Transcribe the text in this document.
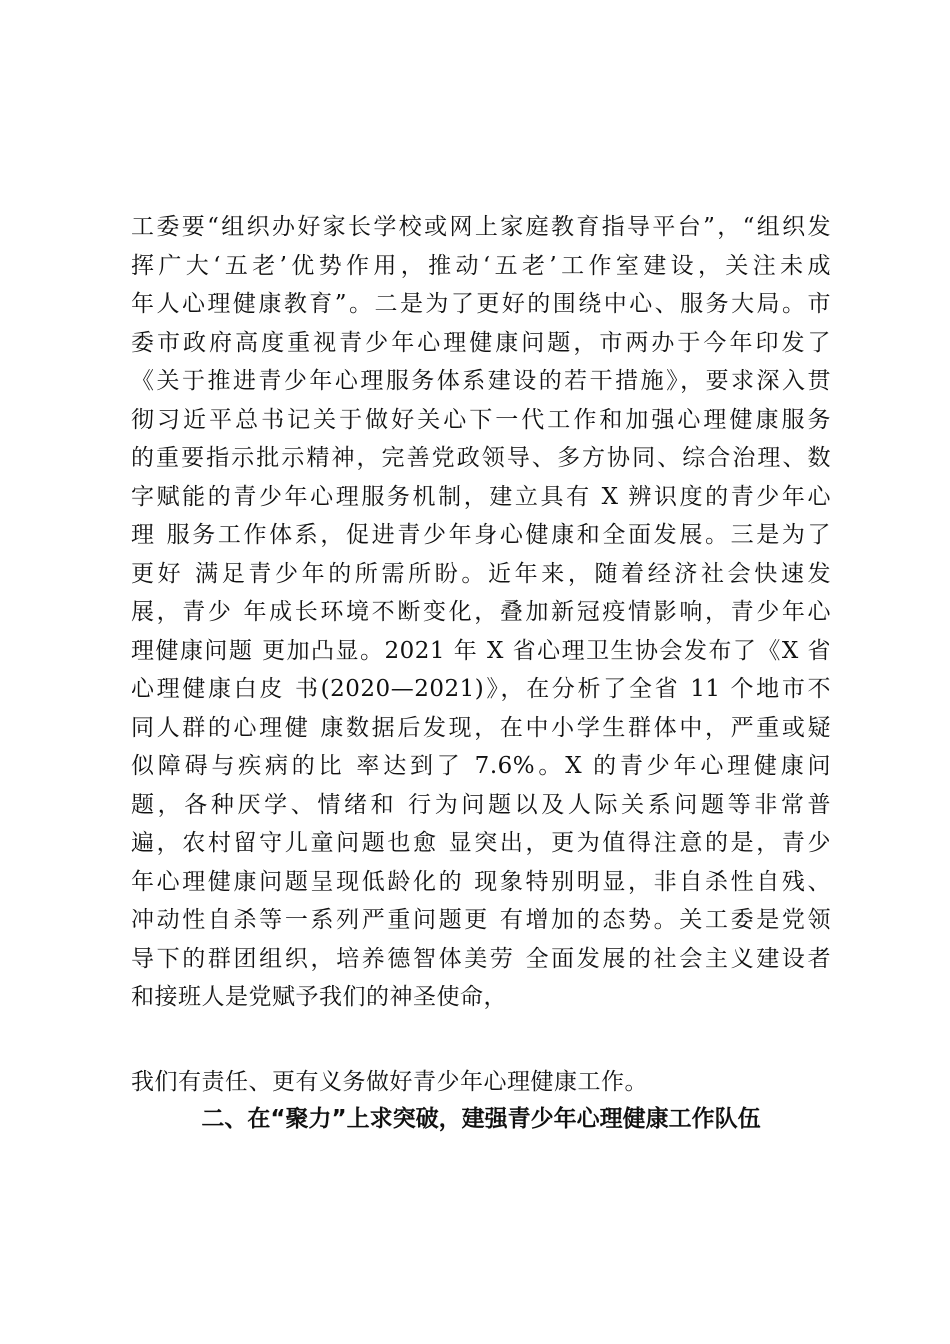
工委要“组织办好家长学校或网上家庭教育指导平台”，“组织发
挥广大‘五老’优势作用，推动‘五老’工作室建设，关注未成
年人心理健康教育”。二是为了更好的围绕中心、服务大局。市
委市政府高度重视青少年心理健康问题，市两办于今年印发了
《关于推进青少年心理服务体系建设的若干措施》，要求深入贯
彻习近平总书记关于做好关心下一代工作和加强心理健康服务
的重要指示批示精神，完善党政领导、多方协同、综合治理、数
字赋能的青少年心理服务机制，建立具有 X 辨识度的青少年心
理 服务工作体系，促进青少年身心健康和全面发展。三是为了
更好 满足青少年的所需所盼。近年来，随着经济社会快速发
展，青少 年成长环境不断变化，叠加新冠疫情影响，青少年心
理健康问题 更加凸显。2021 年 X 省心理卫生协会发布了《X 省
心理健康白皮 书(2020—2021)》，在分析了全省 11 个地市不
同人群的心理健 康数据后发现，在中小学生群体中，严重或疑
似障碍与疾病的比 率达到了 7.6%。X 的青少年心理健康问
题，各种厌学、情绪和 行为问题以及人际关系问题等非常普
遍，农村留守儿童问题也愈 显突出，更为值得注意的是，青少
年心理健康问题呈现低龄化的 现象特别明显，非自杀性自残、
冲动性自杀等一系列严重问题更 有增加的态势。关工委是党领
导下的群团组织，培养德智体美劳 全面发展的社会主义建设者
和接班人是党赋予我们的神圣使命，
我们有责任、更有义务做好青少年心理健康工作。
二、在“聚力”上求突破，建强青少年心理健康工作队伍
